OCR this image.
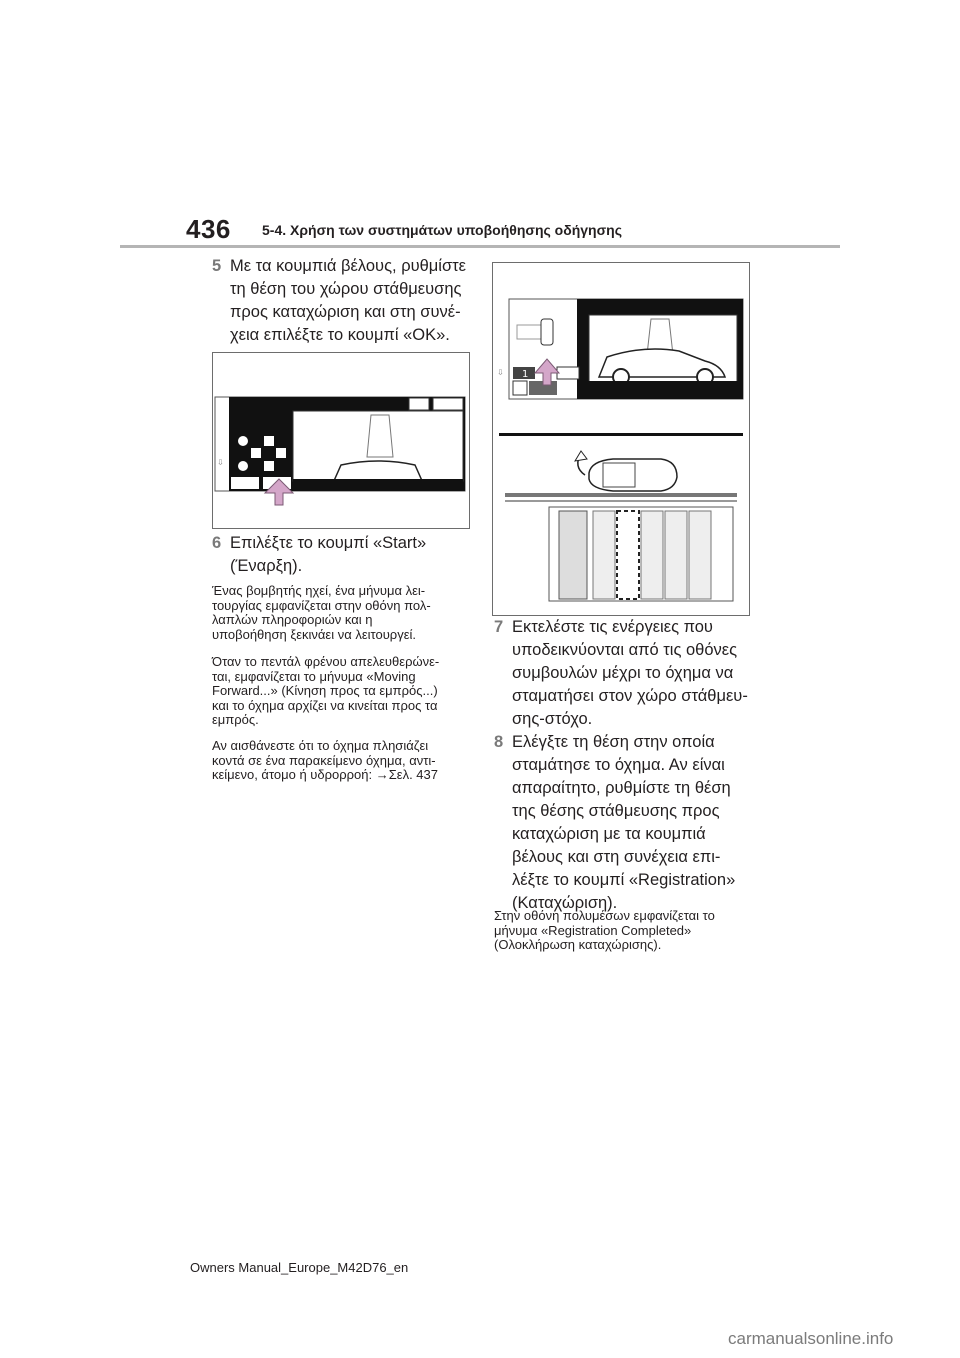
436 5-4. Χρήση των συστημάτων υποβοήθησης οδήγησης
5 Με τα κουμπιά βέλους, ρυθμίστε
τη θέση του χώρου στάθμευσης
προς καταχώριση και στη συνέ-
χεια επιλέξτε το κουμπί «OK».
⇩
6 Επιλέξτε το κουμπί «Start»
(Έναρξη).
Ένας βομβητής ηχεί, ένα μήνυμα λει-
τουργίας εμφανίζεται στην οθόνη πολ-
λαπλών πληροφοριών και η
υποβοήθηση ξεκινάει να λειτουργεί.
Όταν το πεντάλ φρένου απελευθερώνε-
ται, εμφανίζεται το μήνυμα «Moving
Forward...» (Κίνηση προς τα εμπρός...)
και το όχημα αρχίζει να κινείται προς τα
εμπρός.
Αν αισθάνεστε ότι το όχημα πλησιάζει
κοντά σε ένα παρακείμενο όχημα, αντι-
κείμενο, άτομο ή υδρορροή: →Σελ. 437
1
⇩
7 Εκτελέστε τις ενέργειες που
υποδεικνύονται από τις οθόνες
συμβουλών μέχρι το όχημα να
σταματήσει στον χώρο στάθμευ-
σης-στόχο.
8 Ελέγξτε τη θέση στην οποία
σταμάτησε το όχημα. Αν είναι
απαραίτητο, ρυθμίστε τη θέση
της θέσης στάθμευσης προς
καταχώριση με τα κουμπιά
βέλους και στη συνέχεια επι-
λέξτε το κουμπί «Registration»
(Καταχώριση).
Στην οθόνη πολυμέσων εμφανίζεται το
μήνυμα «Registration Completed»
(Ολοκλήρωση καταχώρισης).
Owners Manual_Europe_M42D76_en
carmanualsonline.info
